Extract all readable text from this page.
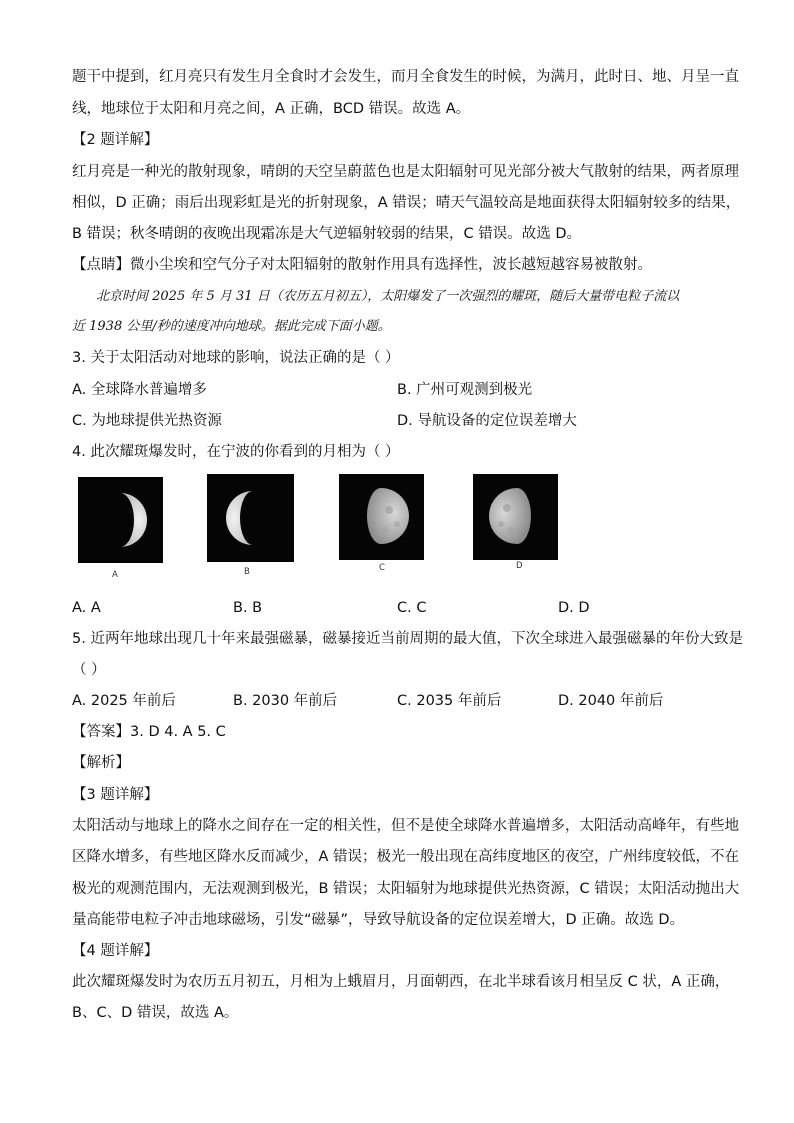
题干中提到，红月亮只有发生月全食时才会发生，而月全食发生的时候，为满月，此时日、地、月呈一直
线，地球位于太阳和月亮之间，A 正确，BCD 错误。故选 A。
【2 题详解】
红月亮是一种光的散射现象，晴朗的天空呈蔚蓝色也是太阳辐射可见光部分被大气散射的结果，两者原理
相似，D 正确；雨后出现彩虹是光的折射现象，A 错误；晴天气温较高是地面获得太阳辐射较多的结果，
B 错误；秋冬晴朗的夜晚出现霜冻是大气逆辐射较弱的结果，C 错误。故选 D。
【点睛】微小尘埃和空气分子对太阳辐射的散射作用具有选择性，波长越短越容易被散射。
北京时间 2025 年 5 月 31 日（农历五月初五），太阳爆发了一次强烈的耀斑，随后大量带电粒子流以
近 1938 公里/秒的速度冲向地球。据此完成下面小题。
3. 关于太阳活动对地球的影响，说法正确的是（ ）
A. 全球降水普遍增多	B. 广州可观测到极光
C. 为地球提供光热资源	D. 导航设备的定位误差增大
4. 此次耀斑爆发时，在宁波的你看到的月相为（ ）
A	B	C	D
A. A	B. B	C. C	D. D
5. 近两年地球出现几十年来最强磁暴，磁暴接近当前周期的最大值，下次全球进入最强磁暴的年份大致是
（ ）
A. 2025 年前后	B. 2030 年前后	C. 2035 年前后	D. 2040 年前后
【答案】3. D 4. A 5. C
【解析】
【3 题详解】
太阳活动与地球上的降水之间存在一定的相关性，但不是使全球降水普遍增多，太阳活动高峰年，有些地
区降水增多，有些地区降水反而减少，A 错误；极光一般出现在高纬度地区的夜空，广州纬度较低，不在
极光的观测范围内，无法观测到极光，B 错误；太阳辐射为地球提供光热资源，C 错误；太阳活动抛出大
量高能带电粒子冲击地球磁场，引发“磁暴”，导致导航设备的定位误差增大，D 正确。故选 D。
【4 题详解】
此次耀斑爆发时为农历五月初五，月相为上蛾眉月，月面朝西，在北半球看该月相呈反 C 状，A 正确，
B、C、D 错误，故选 A。
